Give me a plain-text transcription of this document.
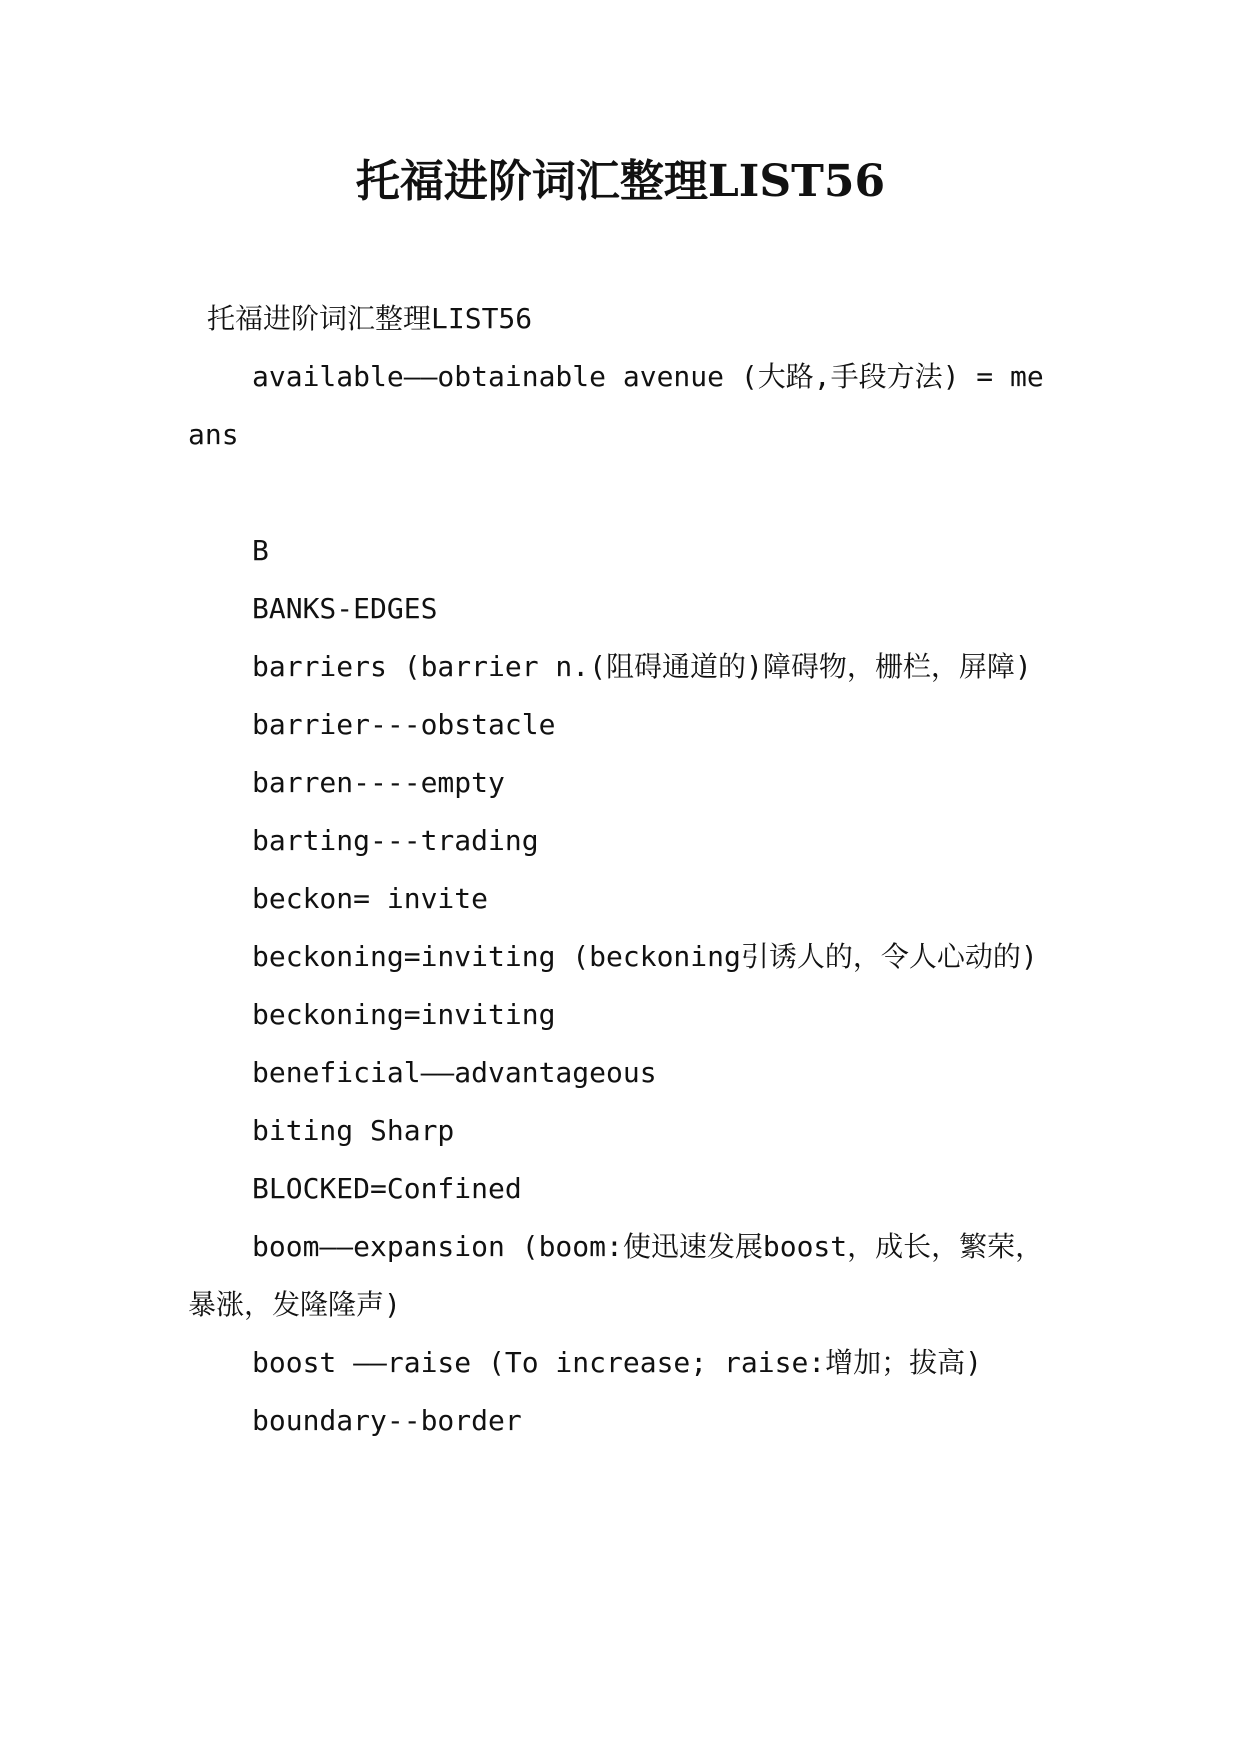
托福进阶词汇整理LIST56

托福进阶词汇整理LIST56

available——obtainable avenue (大路,手段方法) = means

B

BANKS-EDGES

barriers (barrier n.(阻碍通道的)障碍物，栅栏，屏障)

barrier---obstacle

barren----empty

barting---trading

beckon= invite

beckoning=inviting (beckoning引诱人的，令人心动的)

beckoning=inviting

beneficial——advantageous

biting Sharp

BLOCKED=Confined

boom——expansion (boom:使迅速发展boost，成长，繁荣，暴涨，发隆隆声)

boost ——raise (To increase; raise:增加；拔高)

boundary--border
